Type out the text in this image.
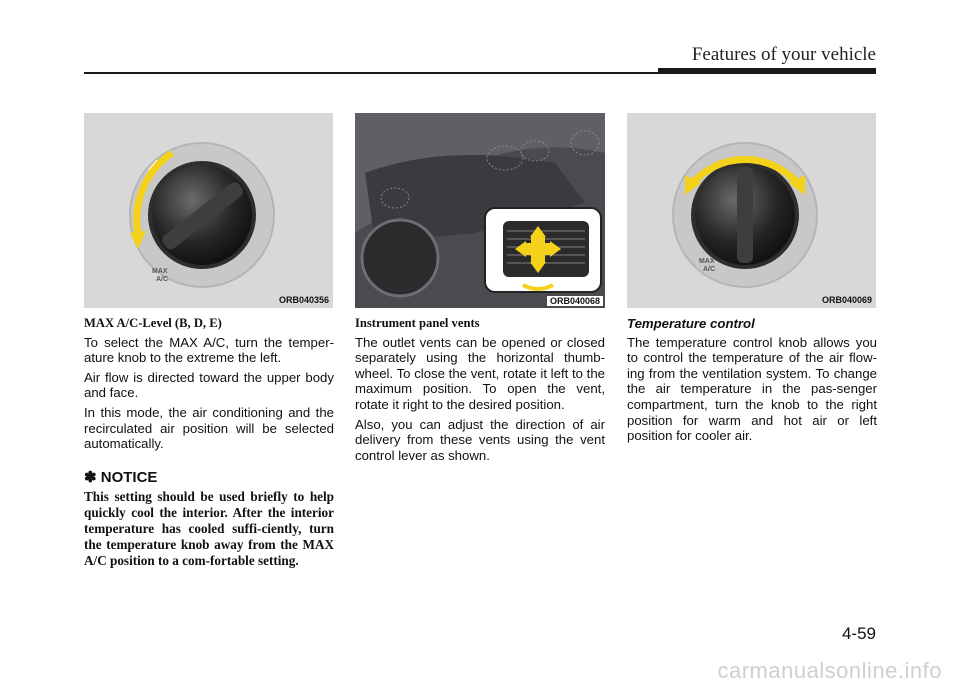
Features of your vehicle
MAX
A/C
ORB040356	ORB040068
MAX
A/C
ORB040069
MAX A/C-Level (B, D, E)

To select the MAX A/C, turn the temper-ature knob to the extreme the left.

Air flow is directed toward the upper body and face.

In this mode, the air conditioning and the recirculated air position will be selected automatically.

✽ NOTICE
This setting should be used briefly to help quickly cool the interior. After the interior temperature has cooled suffi-ciently, turn the temperature knob away from the MAX A/C position to a com-fortable setting.
Instrument panel vents

The outlet vents can be opened or closed separately using the horizontal thumb-wheel. To close the vent, rotate it left to the maximum position. To open the vent, rotate it right to the desired position.

Also, you can adjust the direction of air delivery from these vents using the vent control lever as shown.

Temperature control

The temperature control knob allows you to control the temperature of the air flow-ing from the ventilation system. To change the air temperature in the pas-senger compartment, turn the knob to the right position for warm and hot air or left position for cooler air.

4-59
carmanualsonline.info
